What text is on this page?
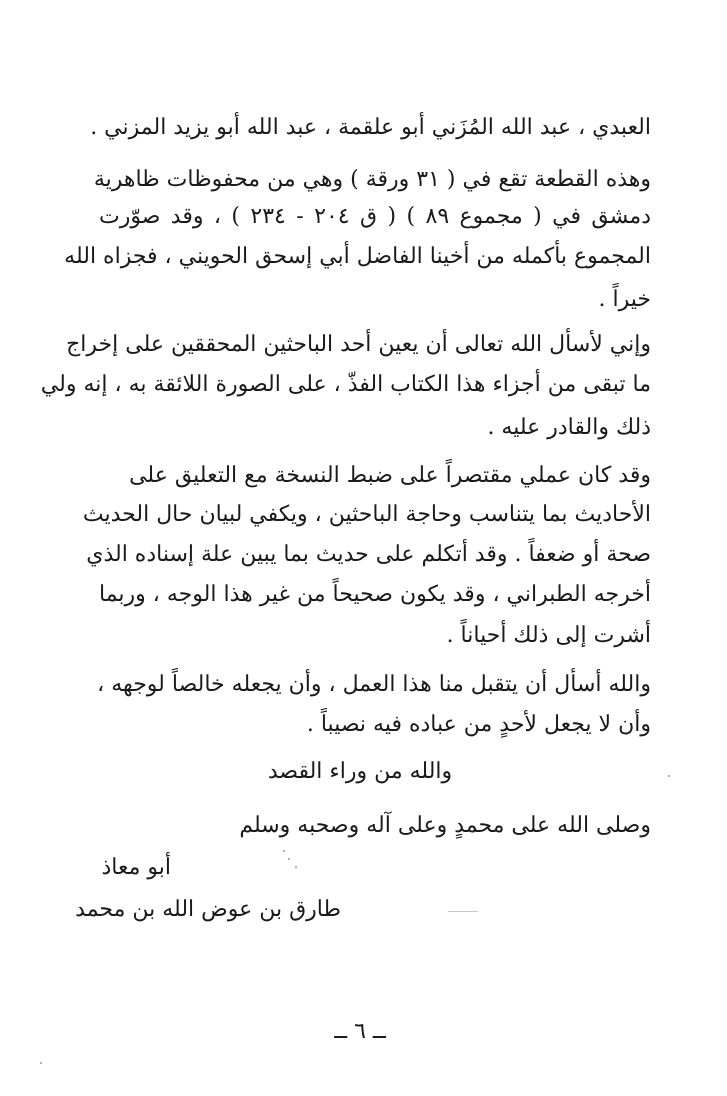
العبدي ، عبد الله المُزَني أبو علقمة ، عبد الله أبو يزيد المزني .
وهذه القطعة تقع في ( ٣١ ورقة ) وهي من محفوظات ظاهرية
دمشق في ( مجموع ٨٩ ) ( ق ٢٠٤ - ٢٣٤ ) ، وقد صوّرت
المجموع بأكمله من أخينا الفاضل أبي إسحق الحويني ، فجزاه الله
خيراً .
وإني لأسأل الله تعالى أن يعين أحد الباحثين المحققين على إخراج
ما تبقى من أجزاء هذا الكتاب الفذّ ، على الصورة اللائقة به ، إنه ولي
ذلك والقادر عليه .
وقد كان عملي مقتصراً على ضبط النسخة مع التعليق على
الأحاديث بما يتناسب وحاجة الباحثين ، ويكفي لبيان حال الحديث
صحة أو ضعفاً . وقد أتكلم على حديث بما يبين علة إسناده الذي
أخرجه الطبراني ، وقد يكون صحيحاً من غير هذا الوجه ، وربما
أشرت إلى ذلك أحياناً .
والله أسأل أن يتقبل منا هذا العمل ، وأن يجعله خالصاً لوجهه ،
وأن لا يجعل لأحدٍ من عباده فيه نصيباً .
والله من وراء القصد
وصلى الله على محمدٍ وعلى آله وصحبه وسلم
أبو معاذ
طارق بن عوض الله بن محمد
ــ ٦ ــ
